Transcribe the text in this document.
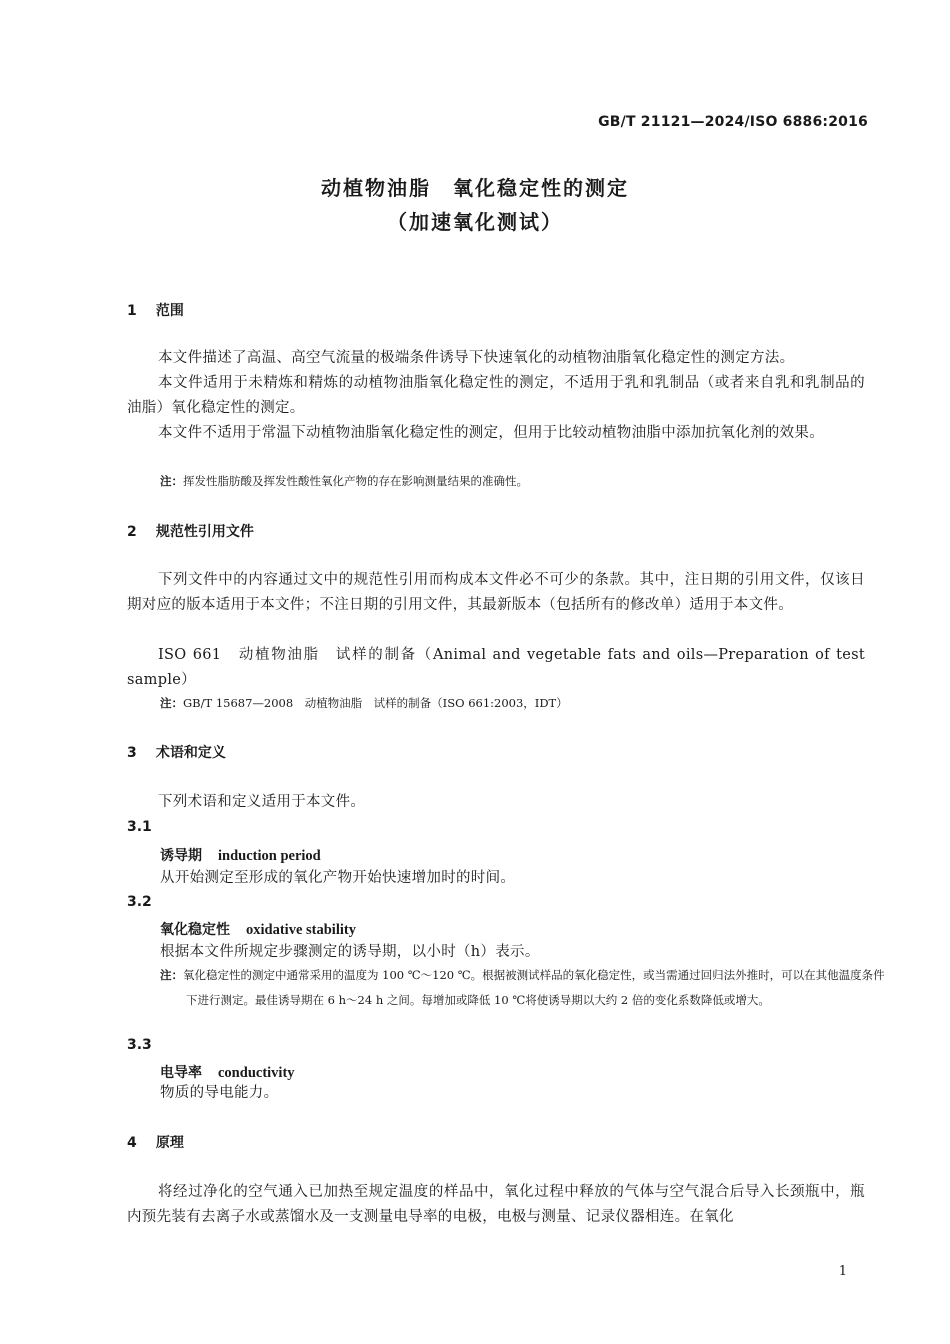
GB/T 21121—2024/ISO 6886:2016
动植物油脂　氧化稳定性的测定
（加速氧化测试）
1 范围
本文件描述了高温、高空气流量的极端条件诱导下快速氧化的动植物油脂氧化稳定性的测定方法。
本文件适用于未精炼和精炼的动植物油脂氧化稳定性的测定，不适用于乳和乳制品（或者来自乳和乳制品的油脂）氧化稳定性的测定。
本文件不适用于常温下动植物油脂氧化稳定性的测定，但用于比较动植物油脂中添加抗氧化剂的效果。
注：挥发性脂肪酸及挥发性酸性氧化产物的存在影响测量结果的准确性。
2 规范性引用文件
下列文件中的内容通过文中的规范性引用而构成本文件必不可少的条款。其中，注日期的引用文件，仅该日期对应的版本适用于本文件；不注日期的引用文件，其最新版本（包括所有的修改单）适用于本文件。
ISO 661　动植物油脂　试样的制备（Animal and vegetable fats and oils—Preparation of test sample）
注：GB/T 15687—2008　动植物油脂　试样的制备（ISO 661:2003，IDT）
3 术语和定义
下列术语和定义适用于本文件。
3.1
诱导期 induction period
从开始测定至形成的氧化产物开始快速增加时的时间。
3.2
氧化稳定性 oxidative stability
根据本文件所规定步骤测定的诱导期，以小时（h）表示。
注：氧化稳定性的测定中通常采用的温度为 100 ℃～120 ℃。根据被测试样品的氧化稳定性，或当需通过回归法外推时，可以在其他温度条件下进行测定。最佳诱导期在 6 h～24 h 之间。每增加或降低 10 ℃将使诱导期以大约 2 倍的变化系数降低或增大。
3.3
电导率 conductivity
物质的导电能力。
4 原理
将经过净化的空气通入已加热至规定温度的样品中，氧化过程中释放的气体与空气混合后导入长颈瓶中，瓶内预先装有去离子水或蒸馏水及一支测量电导率的电极，电极与测量、记录仪器相连。在氧化
1
